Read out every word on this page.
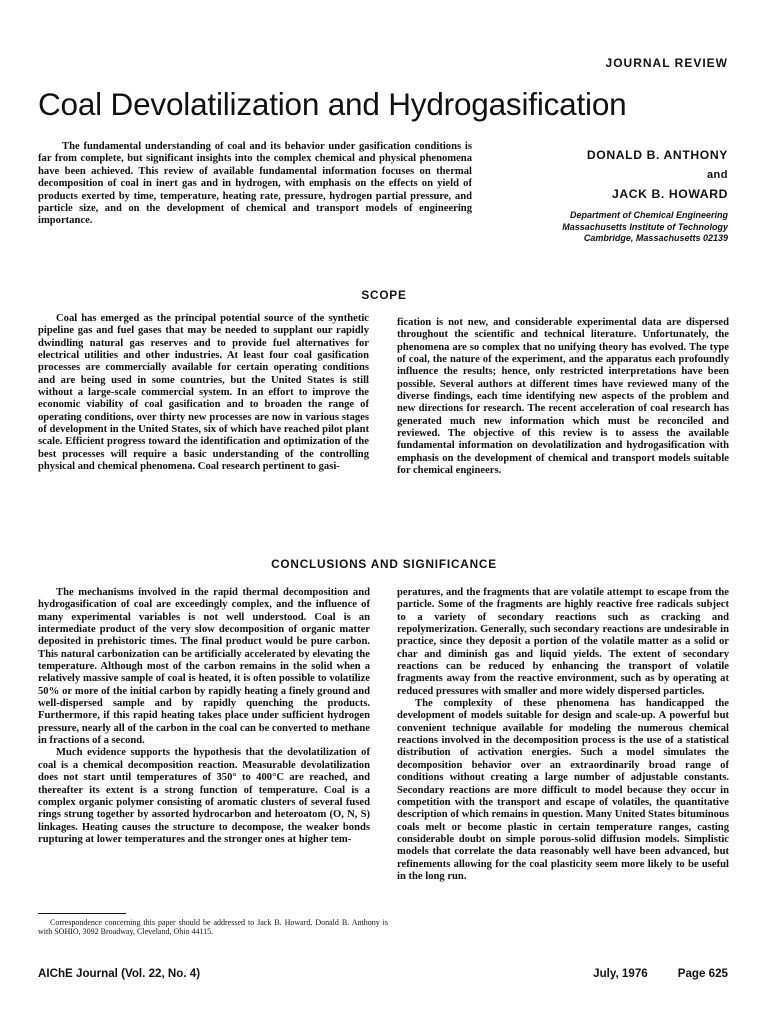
JOURNAL REVIEW
Coal Devolatilization and Hydrogasification
The fundamental understanding of coal and its behavior under gasification conditions is far from complete, but significant insights into the complex chemical and physical phenomena have been achieved. This review of available fundamental information focuses on thermal decomposition of coal in inert gas and in hydrogen, with emphasis on the effects on yield of products exerted by time, temperature, heating rate, pressure, hydrogen partial pressure, and particle size, and on the development of chemical and transport models of engineering importance.
DONALD B. ANTHONY
and
JACK B. HOWARD
Department of Chemical Engineering
Massachusetts Institute of Technology
Cambridge, Massachusetts 02139
SCOPE

Coal has emerged as the principal potential source of the synthetic pipeline gas and fuel gases that may be needed to supplant our rapidly dwindling natural gas reserves and to provide fuel alternatives for electrical utilities and other industries. At least four coal gasification processes are commercially available for certain operating conditions and are being used in some countries, but the United States is still without a large-scale commercial system. In an effort to improve the economic viability of coal gasification and to broaden the range of operating conditions, over thirty new processes are now in various stages of development in the United States, six of which have reached pilot plant scale. Efficient progress toward the identification and optimization of the best processes will require a basic understanding of the controlling physical and chemical phenomena. Coal research pertinent to gasi-

fication is not new, and considerable experimental data are dispersed throughout the scientific and technical literature. Unfortunately, the phenomena are so complex that no unifying theory has evolved. The type of coal, the nature of the experiment, and the apparatus each profoundly influence the results; hence, only restricted interpretations have been possible. Several authors at different times have reviewed many of the diverse findings, each time identifying new aspects of the problem and new directions for research. The recent acceleration of coal research has generated much new information which must be reconciled and reviewed. The objective of this review is to assess the available fundamental information on devolatilization and hydrogasification with emphasis on the development of chemical and transport models suitable for chemical engineers.

CONCLUSIONS AND SIGNIFICANCE

The mechanisms involved in the rapid thermal decomposition and hydrogasification of coal are exceedingly complex, and the influence of many experimental variables is not well understood. Coal is an intermediate product of the very slow decomposition of organic matter deposited in prehistoric times. The final product would be pure carbon. This natural carbonization can be artificially accelerated by elevating the temperature. Although most of the carbon remains in the solid when a relatively massive sample of coal is heated, it is often possible to volatilize 50% or more of the initial carbon by rapidly heating a finely ground and well-dispersed sample and by rapidly quenching the products. Furthermore, if this rapid heating takes place under sufficient hydrogen pressure, nearly all of the carbon in the coal can be converted to methane in fractions of a second.

Much evidence supports the hypothesis that the devolatilization of coal is a chemical decomposition reaction. Measurable devolatilization does not start until temperatures of 350° to 400°C are reached, and thereafter its extent is a strong function of temperature. Coal is a complex organic polymer consisting of aromatic clusters of several fused rings strung together by assorted hydrocarbon and heteroatom (O, N, S) linkages. Heating causes the structure to decompose, the weaker bonds rupturing at lower temperatures and the stronger ones at higher tem-

peratures, and the fragments that are volatile attempt to escape from the particle. Some of the fragments are highly reactive free radicals subject to a variety of secondary reactions such as cracking and repolymerization. Generally, such secondary reactions are undesirable in practice, since they deposit a portion of the volatile matter as a solid or char and diminish gas and liquid yields. The extent of secondary reactions can be reduced by enhancing the transport of volatile fragments away from the reactive environment, such as by operating at reduced pressures with smaller and more widely dispersed particles.

The complexity of these phenomena has handicapped the development of models suitable for design and scale-up. A powerful but convenient technique available for modeling the numerous chemical reactions involved in the decomposition process is the use of a statistical distribution of activation energies. Such a model simulates the decomposition behavior over an extraordinarily broad range of conditions without creating a large number of adjustable constants. Secondary reactions are more difficult to model because they occur in competition with the transport and escape of volatiles, the quantitative description of which remains in question. Many United States bituminous coals melt or become plastic in certain temperature ranges, casting considerable doubt on simple porous-solid diffusion models. Simplistic models that correlate the data reasonably well have been advanced, but refinements allowing for the coal plasticity seem more likely to be useful in the long run.

Correspondence concerning this paper should be addressed to Jack B. Howard. Donald B. Anthony is with SOHIO, 3092 Broadway, Cleveland, Ohio 44115.

AIChE Journal (Vol. 22, No. 4)	July, 1976	Page 625
